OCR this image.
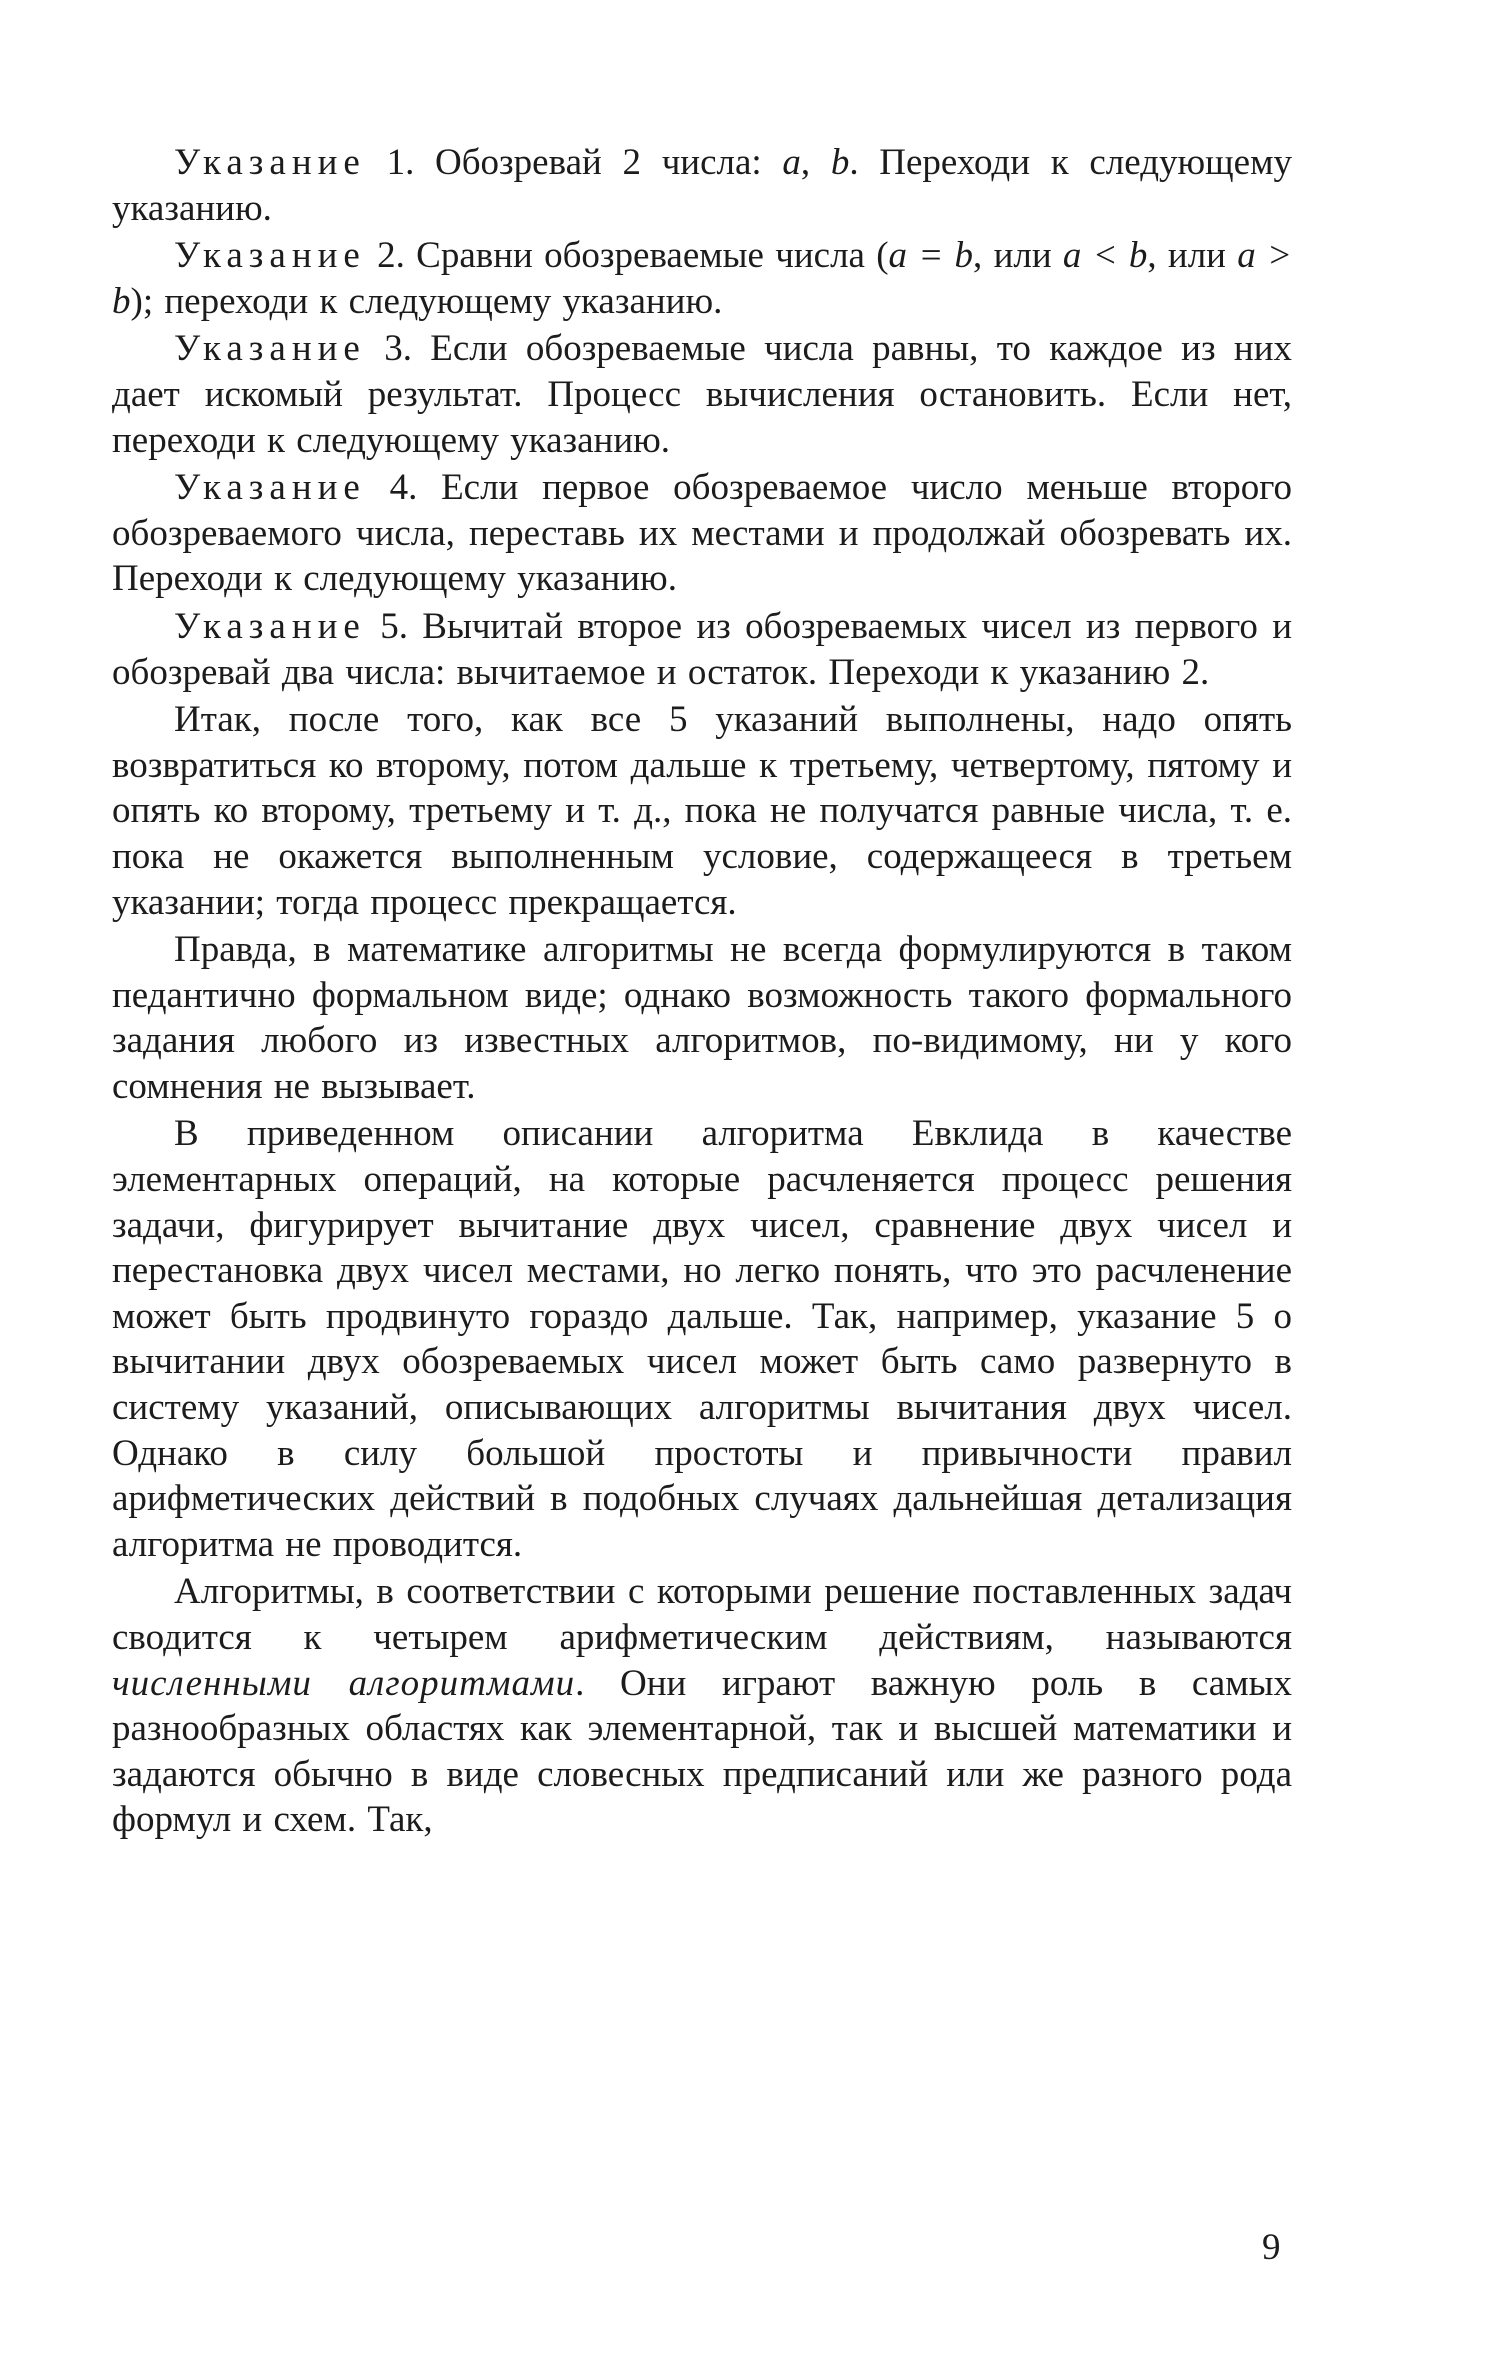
Указание 1. Обозревай 2 числа: a, b. Переходи к следующему указанию.

Указание 2. Сравни обозреваемые числа (a = b, или a < b, или a > b); переходи к следующему указанию.

Указание 3. Если обозреваемые числа равны, то каждое из них дает искомый результат. Процесс вычисления остановить. Если нет, переходи к следующему указанию.

Указание 4. Если первое обозреваемое число меньше второго обозреваемого числа, переставь их местами и продолжай обозревать их. Переходи к следующему указанию.

Указание 5. Вычитай второе из обозреваемых чисел из первого и обозревай два числа: вычитаемое и остаток. Переходи к указанию 2.

Итак, после того, как все 5 указаний выполнены, надо опять возвратиться ко второму, потом дальше к третьему, четвертому, пятому и опять ко второму, третьему и т. д., пока не получатся равные числа, т. е. пока не окажется выполненным условие, содержащееся в третьем указании; тогда процесс прекращается.

Правда, в математике алгоритмы не всегда формулируются в таком педантично формальном виде; однако возможность такого формального задания любого из известных алгоритмов, по-видимому, ни у кого сомнения не вызывает.

В приведенном описании алгоритма Евклида в качестве элементарных операций, на которые расчленяется процесс решения задачи, фигурирует вычитание двух чисел, сравнение двух чисел и перестановка двух чисел местами, но легко понять, что это расчленение может быть продвинуто гораздо дальше. Так, например, указание 5 о вычитании двух обозреваемых чисел может быть само развернуто в систему указаний, описывающих алгоритмы вычитания двух чисел. Однако в силу большой простоты и привычности правил арифметических действий в подобных случаях дальнейшая детализация алгоритма не проводится.

Алгоритмы, в соответствии с которыми решение поставленных задач сводится к четырем арифметическим действиям, называются численными алгоритмами. Они играют важную роль в самых разнообразных областях как элементарной, так и высшей математики и задаются обычно в виде словесных предписаний или же разного рода формул и схем. Так,

9
